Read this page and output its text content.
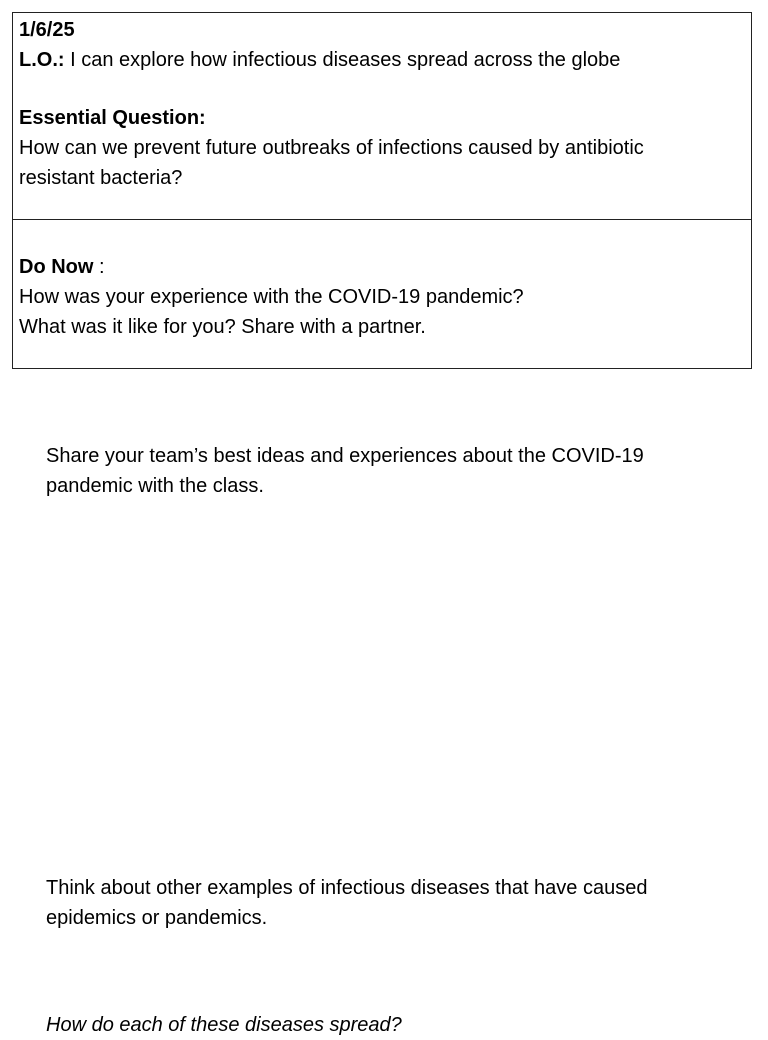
1/6/25
L.O.: I can explore how infectious diseases spread across the globe
Essential Question:
How can we prevent future outbreaks of infections caused by antibiotic
resistant bacteria?
Do Now :
How was your experience with the COVID-19 pandemic?
What was it like for you? Share with a partner.
Share your team’s best ideas and experiences about the COVID-19
pandemic with the class.
Think about other examples of infectious diseases that have caused
epidemics or pandemics.
How do each of these diseases spread?
